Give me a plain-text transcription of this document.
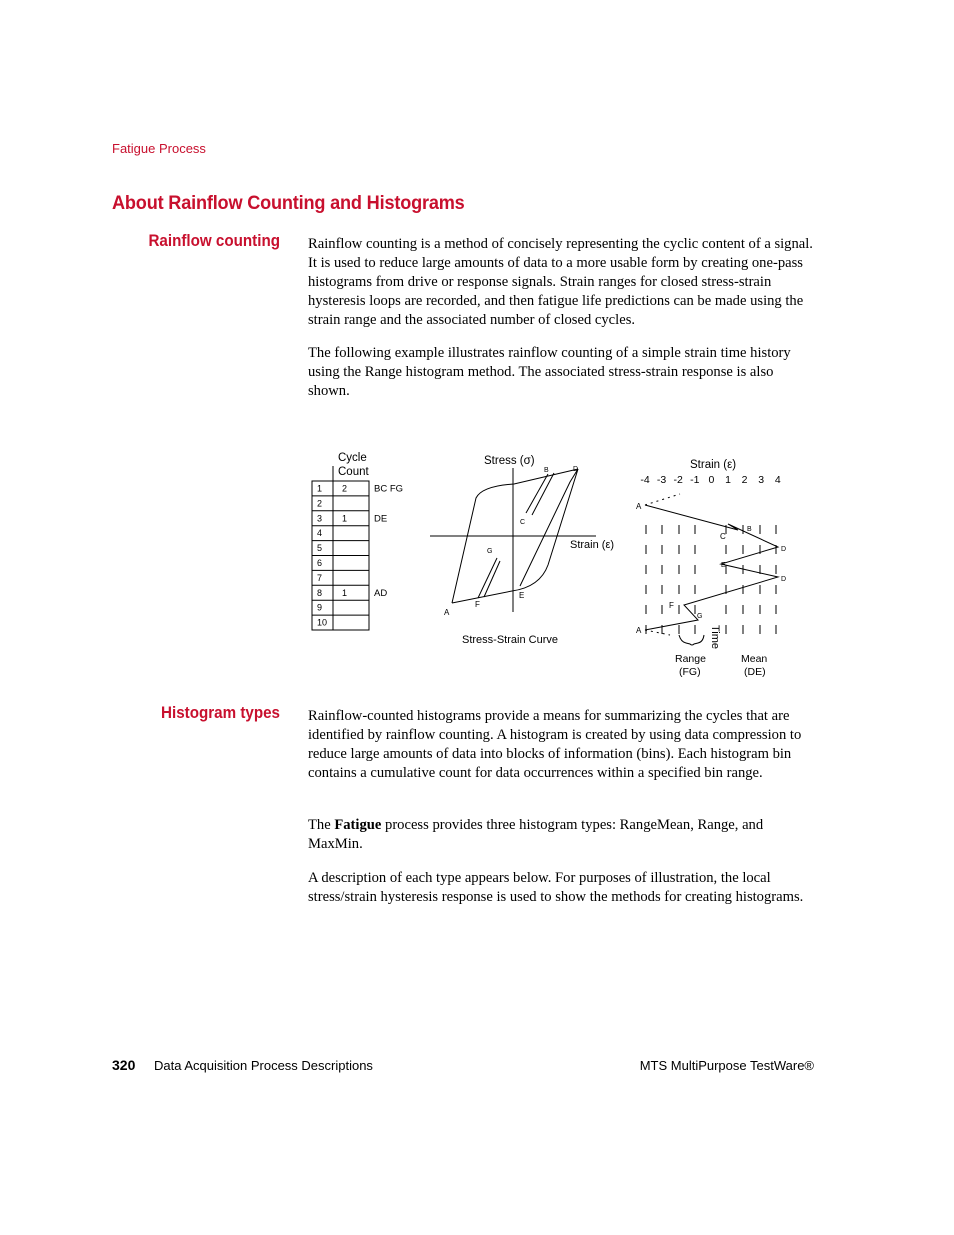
Fatigue Process
About Rainflow Counting and Histograms
Rainflow counting Rainflow counting is a method of concisely representing the cyclic content of a signal. It is used to reduce large amounts of data to a more usable form by creating one-pass histograms from drive or response signals. Strain ranges for closed stress-strain hysteresis loops are recorded, and then fatigue life predictions can be made using the strain range and the associated number of closed cycles.

The following example illustrates rainflow counting of a simple strain time history using the Range histogram method. The associated stress-strain response is also shown.

Cycle
Count
1 2	BC FG
2
3 1	DE
4
5
6
7
8 1	AD
9
10
Stress (σ)
Strain (ε)
Stress-Strain Curve
A
B
C
D
E
F
G
Strain (ε)
-4 -3 -2 -1 0 1 2 3 4
A
B
C
D
E
D
F
G
A	Time
Range
(FG)
Mean
(DE)
Histogram types Rainflow-counted histograms provide a means for summarizing the cycles that are identified by rainflow counting. A histogram is created by using data compression to reduce large amounts of data into blocks of information (bins). Each histogram bin contains a cumulative count for data occurrences within a specified bin range.

The Fatigue process provides three histogram types: RangeMean, Range, and MaxMin.

A description of each type appears below. For purposes of illustration, the local stress/strain hysteresis response is used to show the methods for creating histograms.

320 Data Acquisition Process Descriptions	MTS MultiPurpose TestWare®
